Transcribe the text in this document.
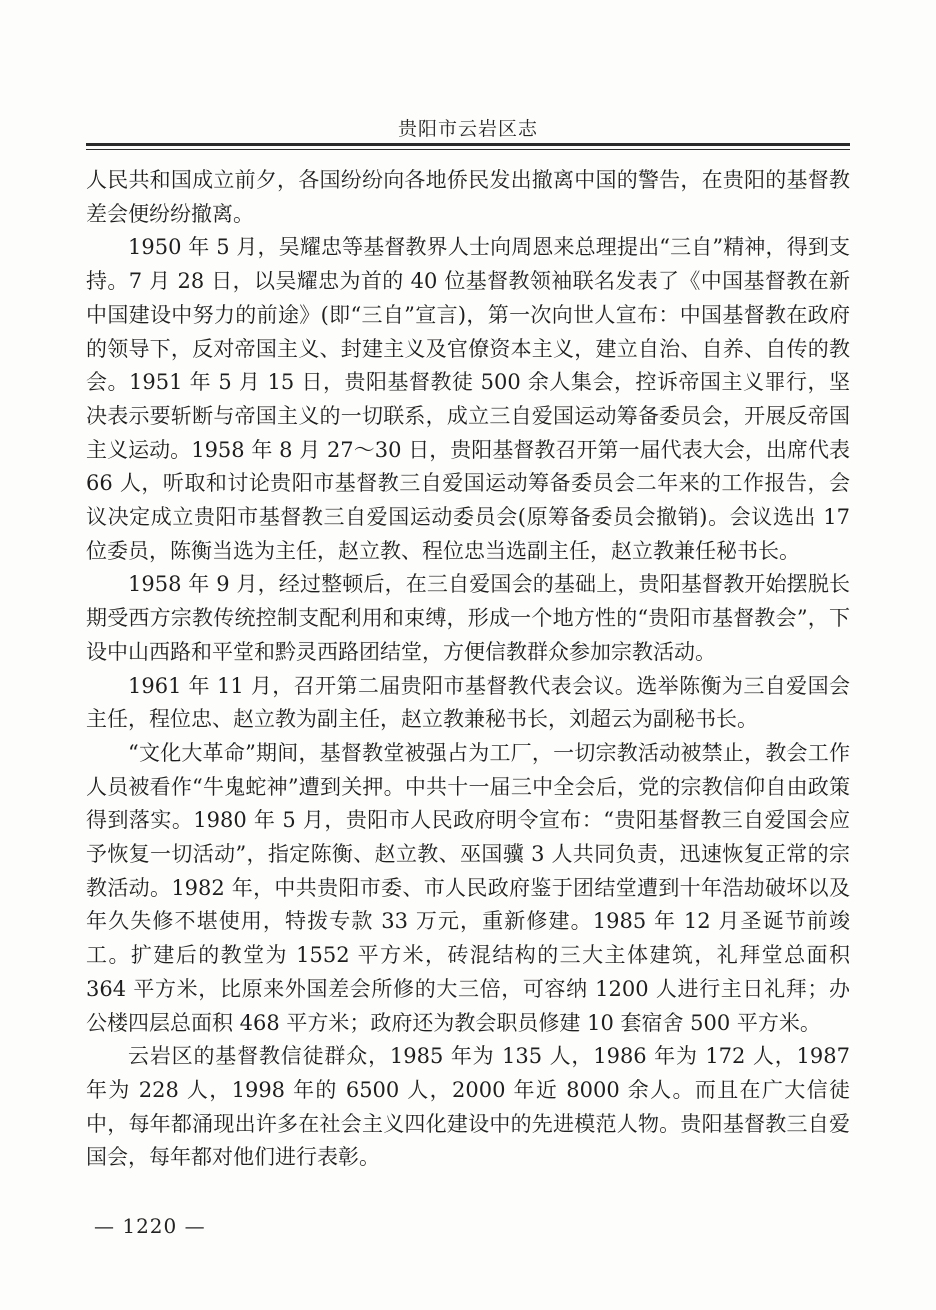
贵阳市云岩区志

人民共和国成立前夕，各国纷纷向各地侨民发出撤离中国的警告，在贵阳的基督教差会便纷纷撤离。

1950 年 5 月，吴耀忠等基督教界人士向周恩来总理提出“三自”精神，得到支持。7 月 28 日，以吴耀忠为首的 40 位基督教领袖联名发表了《中国基督教在新中国建设中努力的前途》(即“三自”宣言)，第一次向世人宣布：中国基督教在政府的领导下，反对帝国主义、封建主义及官僚资本主义，建立自治、自养、自传的教会。1951 年 5 月 15 日，贵阳基督教徒 500 余人集会，控诉帝国主义罪行，坚决表示要斩断与帝国主义的一切联系，成立三自爱国运动筹备委员会，开展反帝国主义运动。1958 年 8 月 27～30 日，贵阳基督教召开第一届代表大会，出席代表 66 人，听取和讨论贵阳市基督教三自爱国运动筹备委员会二年来的工作报告，会议决定成立贵阳市基督教三自爱国运动委员会(原筹备委员会撤销)。会议选出 17 位委员，陈衡当选为主任，赵立教、程位忠当选副主任，赵立教兼任秘书长。

1958 年 9 月，经过整顿后，在三自爱国会的基础上，贵阳基督教开始摆脱长期受西方宗教传统控制支配利用和束缚，形成一个地方性的“贵阳市基督教会”，下设中山西路和平堂和黔灵西路团结堂，方便信教群众参加宗教活动。

1961 年 11 月，召开第二届贵阳市基督教代表会议。选举陈衡为三自爱国会主任，程位忠、赵立教为副主任，赵立教兼秘书长，刘超云为副秘书长。

“文化大革命”期间，基督教堂被强占为工厂，一切宗教活动被禁止，教会工作人员被看作“牛鬼蛇神”遭到关押。中共十一届三中全会后，党的宗教信仰自由政策得到落实。1980 年 5 月，贵阳市人民政府明令宣布：“贵阳基督教三自爱国会应予恢复一切活动”，指定陈衡、赵立教、巫国骥 3 人共同负责，迅速恢复正常的宗教活动。1982 年，中共贵阳市委、市人民政府鉴于团结堂遭到十年浩劫破坏以及年久失修不堪使用，特拨专款 33 万元，重新修建。1985 年 12 月圣诞节前竣工。扩建后的教堂为 1552 平方米，砖混结构的三大主体建筑，礼拜堂总面积 364 平方米，比原来外国差会所修的大三倍，可容纳 1200 人进行主日礼拜；办公楼四层总面积 468 平方米；政府还为教会职员修建 10 套宿舍 500 平方米。

云岩区的基督教信徒群众，1985 年为 135 人，1986 年为 172 人，1987 年为 228 人，1998 年的 6500 人，2000 年近 8000 余人。而且在广大信徒中，每年都涌现出许多在社会主义四化建设中的先进模范人物。贵阳基督教三自爱国会，每年都对他们进行表彰。

— 1220 —
